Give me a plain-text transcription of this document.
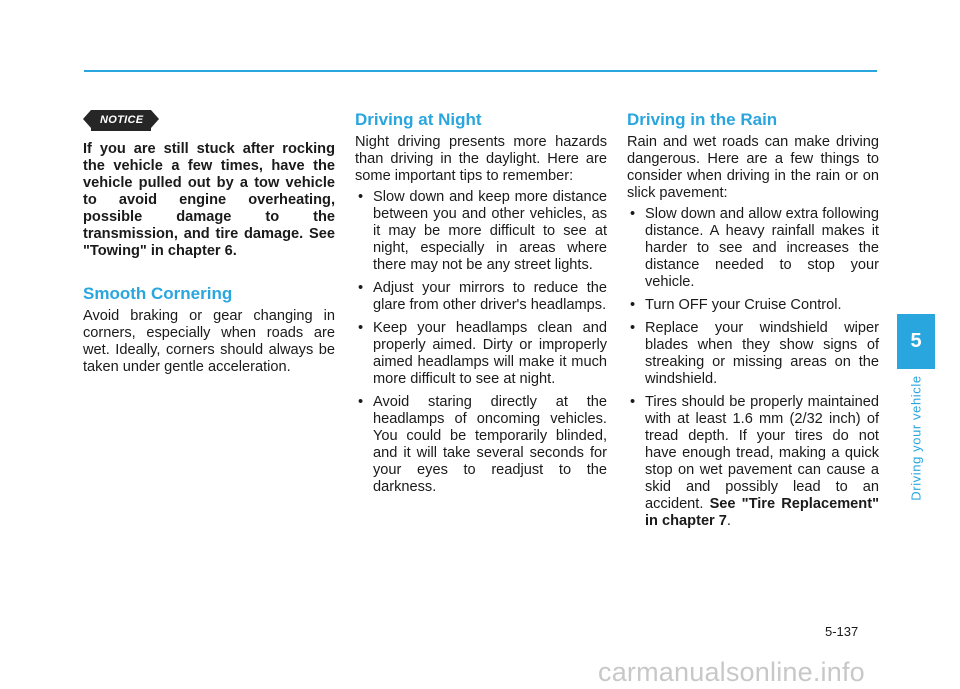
NOTICE

If you are still stuck after rocking the vehicle a few times, have the vehicle pulled out by a tow vehicle to avoid engine overheating, possible damage to the transmission, and tire damage. See "Towing" in chapter 6.

Smooth Cornering

Avoid braking or gear changing in corners, especially when roads are wet. Ideally, corners should always be taken under gentle acceleration.

Driving at Night

Night driving presents more hazards than driving in the daylight. Here are some important tips to remember:

• Slow down and keep more distance between you and other vehicles, as it may be more difficult to see at night, especially in areas where there may not be any street lights.
• Adjust your mirrors to reduce the glare from other driver's headlamps.
• Keep your headlamps clean and properly aimed. Dirty or improperly aimed headlamps will make it much more difficult to see at night.
• Avoid staring directly at the headlamps of oncoming vehicles. You could be temporarily blinded, and it will take several seconds for your eyes to readjust to the darkness.
Driving in the Rain

Rain and wet roads can make driving dangerous. Here are a few things to consider when driving in the rain or on slick pavement:

• Slow down and allow extra following distance. A heavy rainfall makes it harder to see and increases the distance needed to stop your vehicle.
• Turn OFF your Cruise Control.
• Replace your windshield wiper blades when they show signs of streaking or missing areas on the windshield.
• Tires should be properly maintained with at least 1.6 mm (2/32 inch) of tread depth. If your tires do not have enough tread, making a quick stop on wet pavement can cause a skid and possibly lead to an accident. See "Tire Replacement" in chapter 7.
5
Driving your vehicle
5-137
carmanualsonline.info
